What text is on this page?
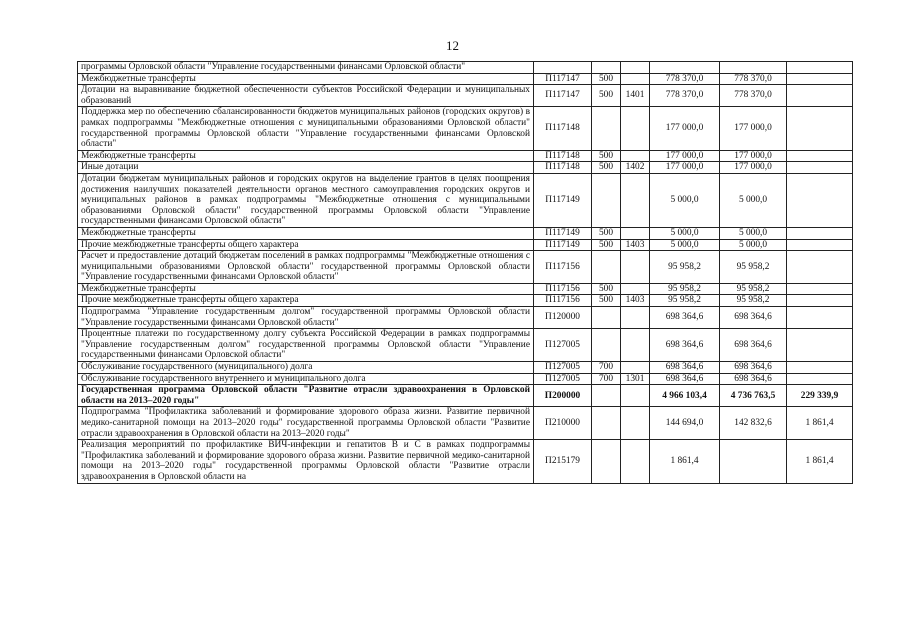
12
программы Орловской области "Управление государственными финансами Орловской области"						
Межбюджетные трансферты	П117147	500		778 370,0	778 370,0	
Дотации на выравнивание бюджетной обеспеченности субъектов Российской Федерации и муниципальных образований	П117147	500	1401	778 370,0	778 370,0	
Поддержка мер по обеспечению сбалансированности бюджетов муниципальных районов (городских округов) в рамках подпрограммы "Межбюджетные отношения с муниципальными образованиями Орловской области" государственной программы Орловской области "Управление государственными финансами Орловской области"	П117148			177 000,0	177 000,0	
Межбюджетные трансферты	П117148	500		177 000,0	177 000,0	
Иные дотации	П117148	500	1402	177 000,0	177 000,0	
Дотации бюджетам муниципальных районов и городских округов на выделение грантов в целях поощрения достижения наилучших показателей деятельности органов местного самоуправления городских округов и муниципальных районов в рамках подпрограммы "Межбюджетные отношения с муниципальными образованиями Орловской области" государственной программы Орловской области "Управление государственными финансами Орловской области"	П117149			5 000,0	5 000,0	
Межбюджетные трансферты	П117149	500		5 000,0	5 000,0	
Прочие межбюджетные трансферты общего характера	П117149	500	1403	5 000,0	5 000,0	
Расчет и предоставление дотаций бюджетам поселений в рамках подпрограммы "Межбюджетные отношения с муниципальными образованиями Орловской области" государственной программы Орловской области "Управление государственными финансами Орловской области"	П117156			95 958,2	95 958,2	
Межбюджетные трансферты	П117156	500		95 958,2	95 958,2	
Прочие межбюджетные трансферты общего характера	П117156	500	1403	95 958,2	95 958,2	
Подпрограмма "Управление государственным долгом" государственной программы Орловской области "Управление государственными финансами Орловской области"	П120000			698 364,6	698 364,6	
Процентные платежи по государственному долгу субъекта Российской Федерации в рамках подпрограммы "Управление государственным долгом" государственной программы Орловской области "Управление государственными финансами Орловской области"	П127005			698 364,6	698 364,6	
Обслуживание государственного (муниципального) долга	П127005	700		698 364,6	698 364,6	
Обслуживание государственного внутреннего и муниципального долга	П127005	700	1301	698 364,6	698 364,6	
Государственная программа Орловской области "Развитие отрасли здравоохранения в Орловской области на 2013–2020 годы"	П200000			4 966 103,4	4 736 763,5	229 339,9
Подпрограмма "Профилактика заболеваний и формирование здорового образа жизни. Развитие первичной медико-санитарной помощи на 2013–2020 годы" государственной программы Орловской области "Развитие отрасли здравоохранения в Орловской области на 2013–2020 годы"	П210000			144 694,0	142 832,6	1 861,4
Реализация мероприятий по профилактике ВИЧ-инфекции и гепатитов В и С в рамках подпрограммы "Профилактика заболеваний и формирование здорового образа жизни. Развитие первичной медико-санитарной помощи на 2013–2020 годы" государственной программы Орловской области "Развитие отрасли здравоохранения в Орловской области на	П215179			1 861,4		1 861,4
